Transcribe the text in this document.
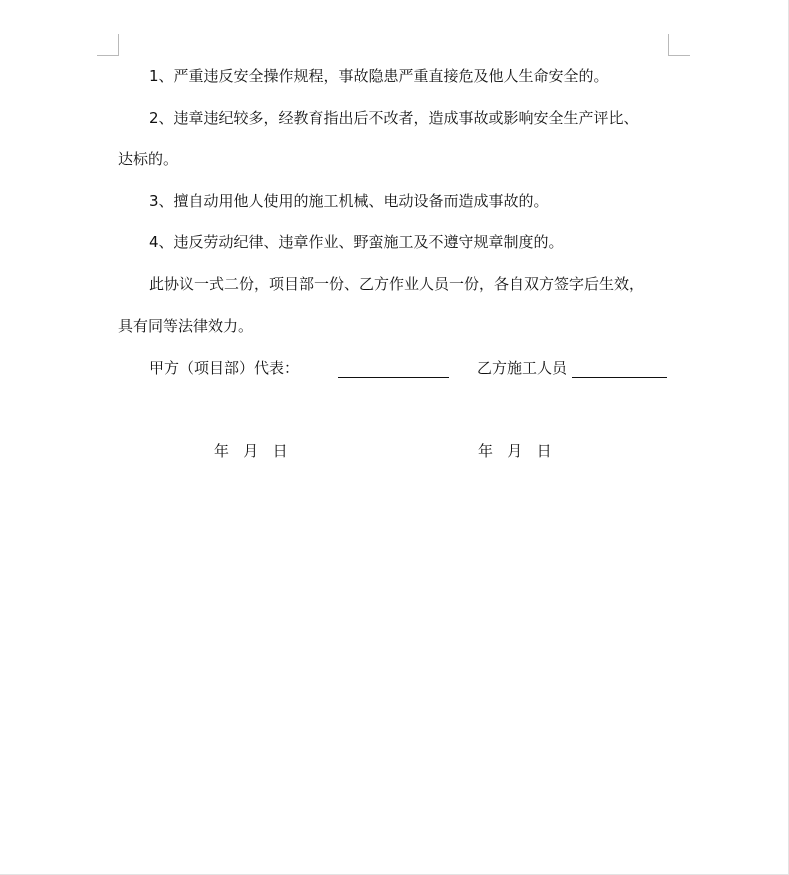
1、严重违反安全操作规程，事故隐患严重直接危及他人生命安全的。
2、违章违纪较多，经教育指出后不改者，造成事故或影响安全生产评比、
达标的。
3、擅自动用他人使用的施工机械、电动设备而造成事故的。
4、违反劳动纪律、违章作业、野蛮施工及不遵守规章制度的。
此协议一式二份，项目部一份、乙方作业人员一份，各自双方签字后生效，
具有同等法律效力。
甲方（项目部）代表：	乙方施工人员
年   月   日	年   月   日
